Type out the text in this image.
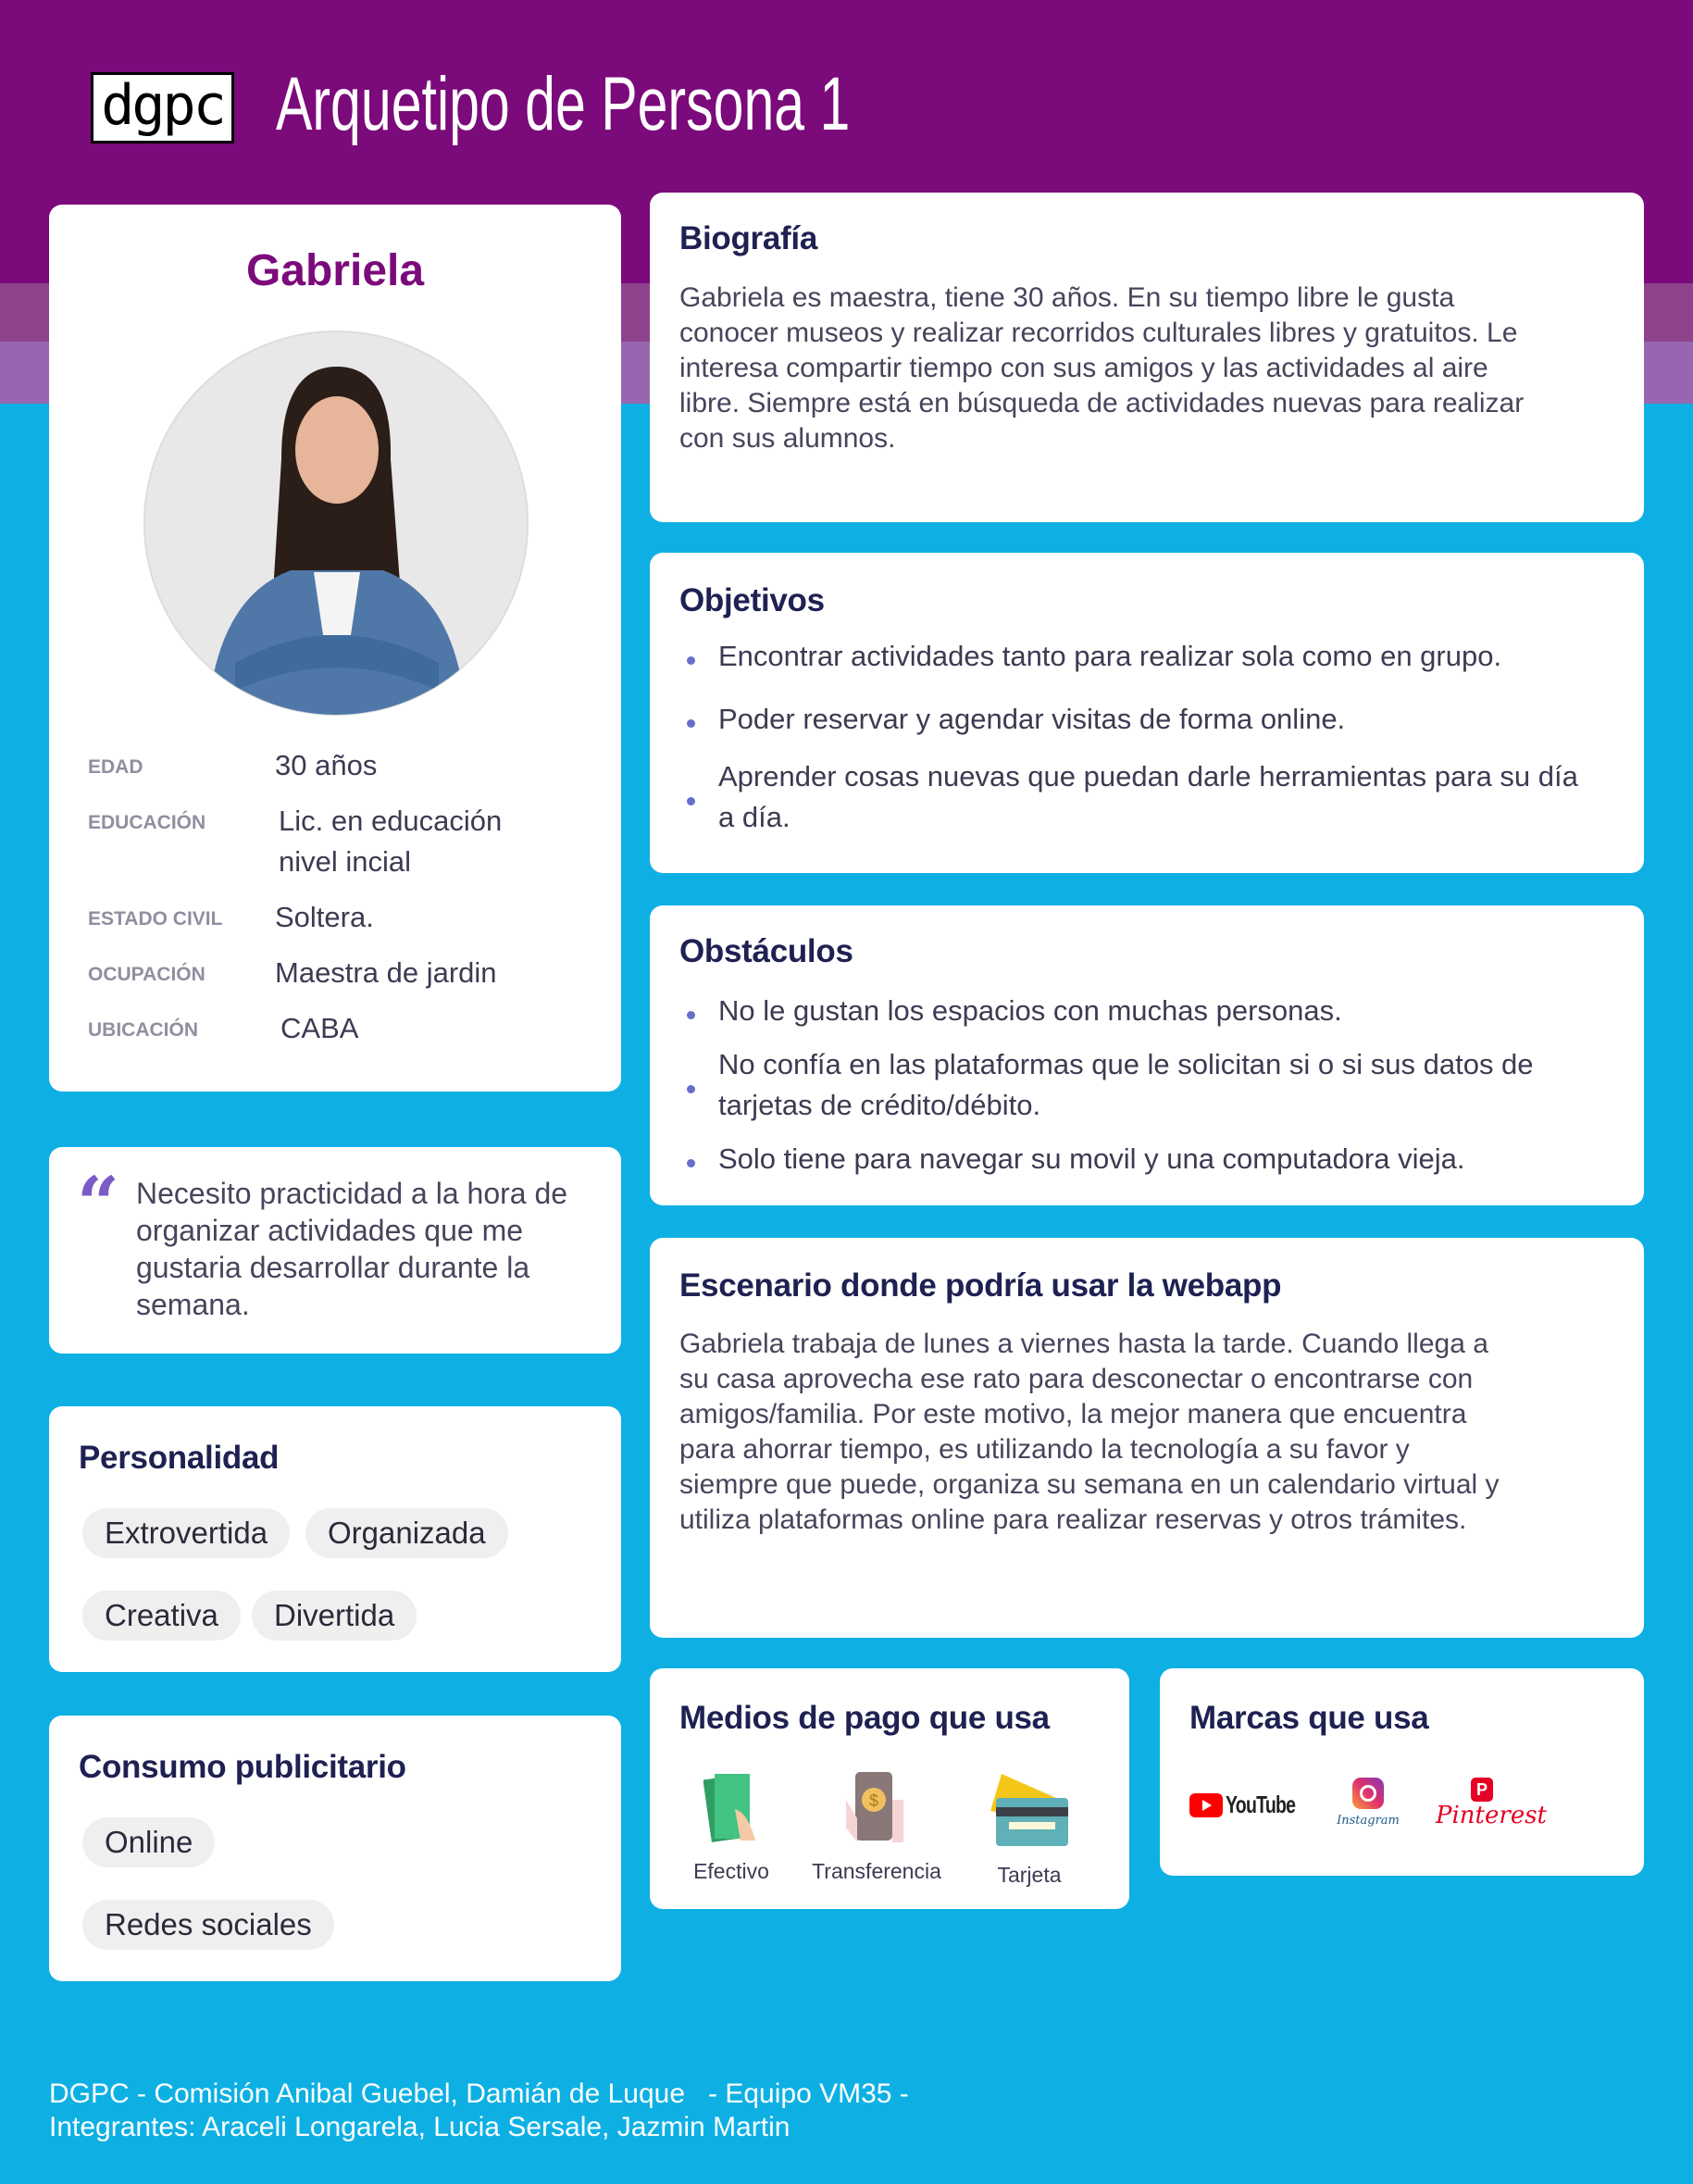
dgpc Arquetipo de Persona 1
Gabriela
EDAD	30 años
EDUCACIÓN	Lic. en educación nivel incial
ESTADO CIVIL Soltera.
OCUPACIÓN Maestra de jardin
UBICACIÓN	CABA
“ Necesito practicidad a la hora de organizar actividades que me gustaria desarrollar durante la semana.
Personalidad
Extrovertida	Organizada
Creativa	Divertida
Consumo publicitario
Online
Redes sociales
Biografía
Gabriela es maestra, tiene 30 años. En su tiempo libre le gusta conocer museos y realizar recorridos culturales libres y gratuitos. Le interesa compartir tiempo con sus amigos y las actividades al aire libre. Siempre está en búsqueda de actividades nuevas para realizar con sus alumnos.
Objetivos
Encontrar actividades tanto para realizar sola como en grupo.
Poder reservar y agendar visitas de forma online.
Aprender cosas nuevas que puedan darle herramientas para su día a día.
Obstáculos
No le gustan los espacios con muchas personas.
No confía en las plataformas que le solicitan si o si sus datos de tarjetas de crédito/débito.
Solo tiene para navegar su movil y una computadora vieja.
Escenario donde podría usar la webapp
Gabriela trabaja de lunes a viernes hasta la tarde. Cuando llega a su casa aprovecha ese rato para desconectar o encontrarse con amigos/familia. Por este motivo, la mejor manera que encuentra para ahorrar tiempo, es utilizando la tecnología a su favor y siempre que puede, organiza su semana en un calendario virtual y utiliza plataformas online para realizar reservas y otros trámites.
Medios de pago que usa
$
Efectivo	Transferencia	Tarjeta
Marcas que usa
YouTube
Instagram
P
Pinterest
DGPC - Comisión Anibal Guebel, Damián de Luque   - Equipo VM35 -
Integrantes: Araceli Longarela, Lucia Sersale, Jazmin Martin
